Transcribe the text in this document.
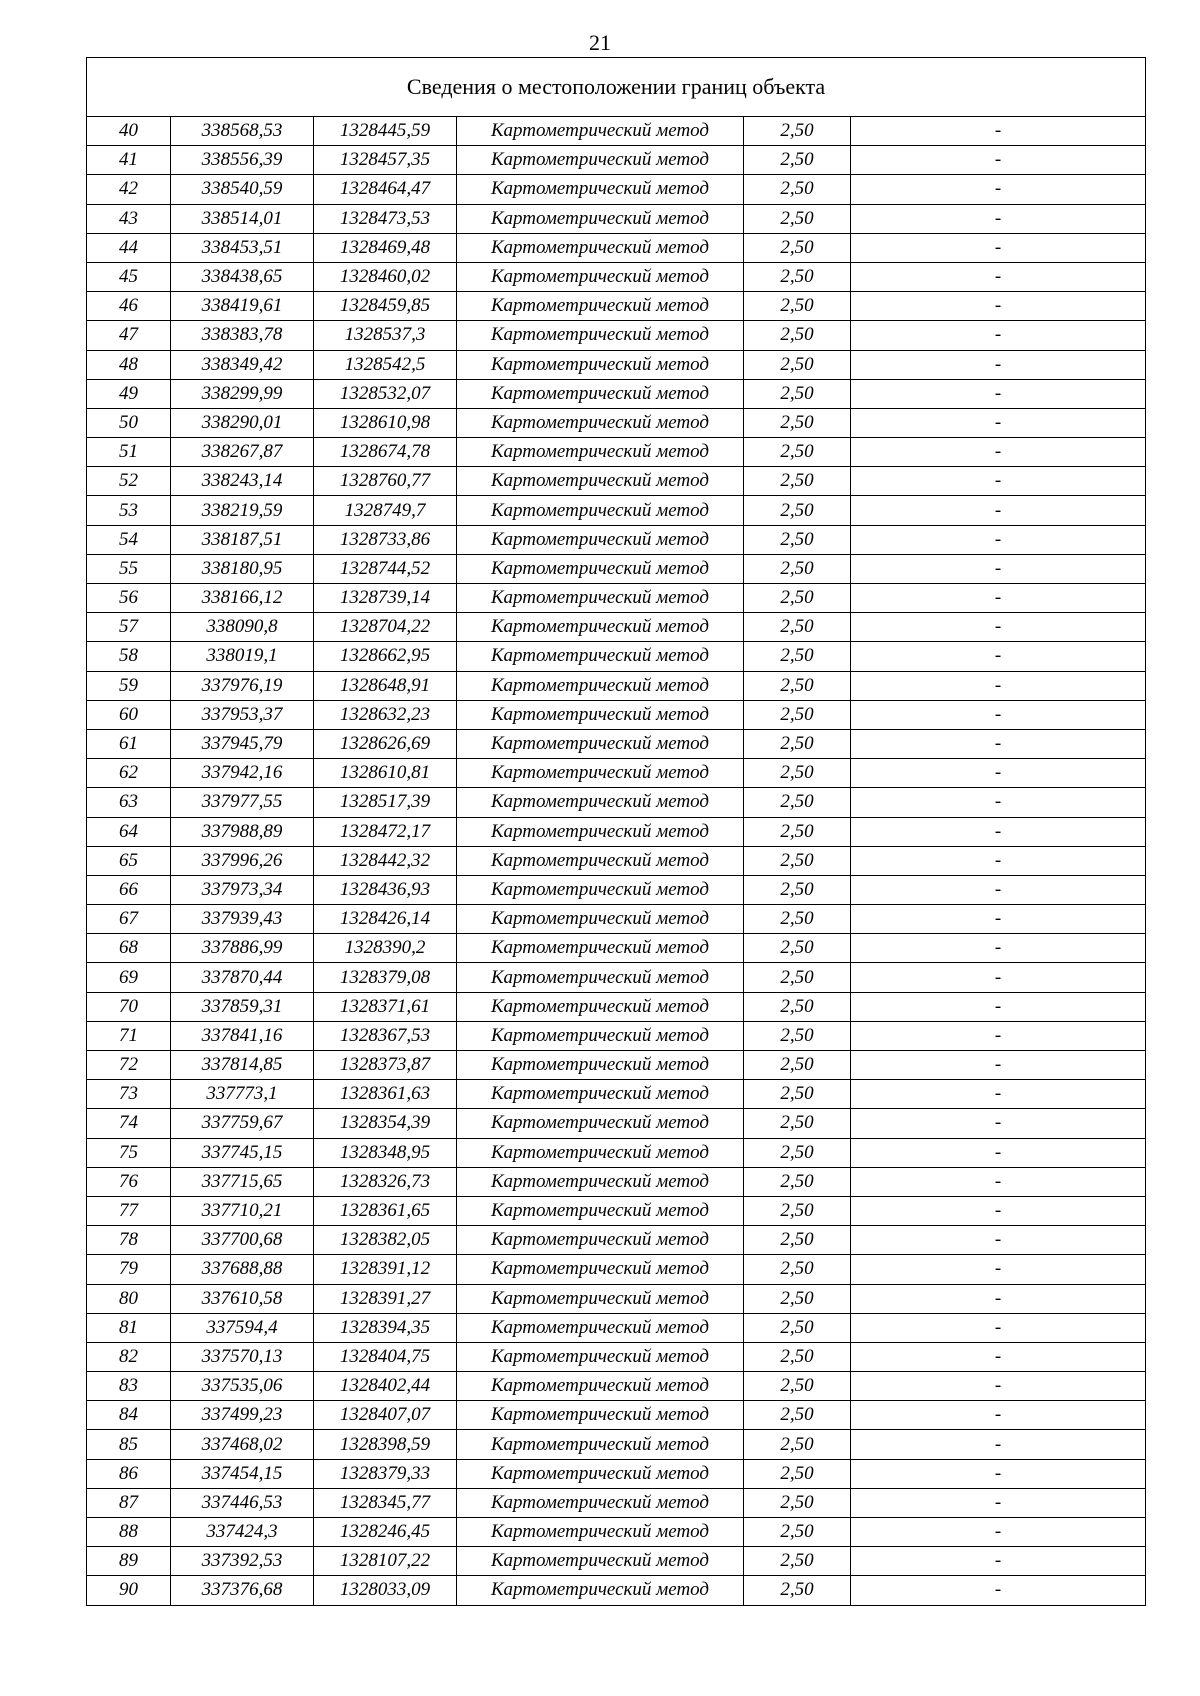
21
Сведения о местоположении границ объекта					
40	338568,53	1328445,59	Картометрический метод	2,50	-
41	338556,39	1328457,35	Картометрический метод	2,50	-
42	338540,59	1328464,47	Картометрический метод	2,50	-
43	338514,01	1328473,53	Картометрический метод	2,50	-
44	338453,51	1328469,48	Картометрический метод	2,50	-
45	338438,65	1328460,02	Картометрический метод	2,50	-
46	338419,61	1328459,85	Картометрический метод	2,50	-
47	338383,78	1328537,3	Картометрический метод	2,50	-
48	338349,42	1328542,5	Картометрический метод	2,50	-
49	338299,99	1328532,07	Картометрический метод	2,50	-
50	338290,01	1328610,98	Картометрический метод	2,50	-
51	338267,87	1328674,78	Картометрический метод	2,50	-
52	338243,14	1328760,77	Картометрический метод	2,50	-
53	338219,59	1328749,7	Картометрический метод	2,50	-
54	338187,51	1328733,86	Картометрический метод	2,50	-
55	338180,95	1328744,52	Картометрический метод	2,50	-
56	338166,12	1328739,14	Картометрический метод	2,50	-
57	338090,8	1328704,22	Картометрический метод	2,50	-
58	338019,1	1328662,95	Картометрический метод	2,50	-
59	337976,19	1328648,91	Картометрический метод	2,50	-
60	337953,37	1328632,23	Картометрический метод	2,50	-
61	337945,79	1328626,69	Картометрический метод	2,50	-
62	337942,16	1328610,81	Картометрический метод	2,50	-
63	337977,55	1328517,39	Картометрический метод	2,50	-
64	337988,89	1328472,17	Картометрический метод	2,50	-
65	337996,26	1328442,32	Картометрический метод	2,50	-
66	337973,34	1328436,93	Картометрический метод	2,50	-
67	337939,43	1328426,14	Картометрический метод	2,50	-
68	337886,99	1328390,2	Картометрический метод	2,50	-
69	337870,44	1328379,08	Картометрический метод	2,50	-
70	337859,31	1328371,61	Картометрический метод	2,50	-
71	337841,16	1328367,53	Картометрический метод	2,50	-
72	337814,85	1328373,87	Картометрический метод	2,50	-
73	337773,1	1328361,63	Картометрический метод	2,50	-
74	337759,67	1328354,39	Картометрический метод	2,50	-
75	337745,15	1328348,95	Картометрический метод	2,50	-
76	337715,65	1328326,73	Картометрический метод	2,50	-
77	337710,21	1328361,65	Картометрический метод	2,50	-
78	337700,68	1328382,05	Картометрический метод	2,50	-
79	337688,88	1328391,12	Картометрический метод	2,50	-
80	337610,58	1328391,27	Картометрический метод	2,50	-
81	337594,4	1328394,35	Картометрический метод	2,50	-
82	337570,13	1328404,75	Картометрический метод	2,50	-
83	337535,06	1328402,44	Картометрический метод	2,50	-
84	337499,23	1328407,07	Картометрический метод	2,50	-
85	337468,02	1328398,59	Картометрический метод	2,50	-
86	337454,15	1328379,33	Картометрический метод	2,50	-
87	337446,53	1328345,77	Картометрический метод	2,50	-
88	337424,3	1328246,45	Картометрический метод	2,50	-
89	337392,53	1328107,22	Картометрический метод	2,50	-
90	337376,68	1328033,09	Картометрический метод	2,50	-
